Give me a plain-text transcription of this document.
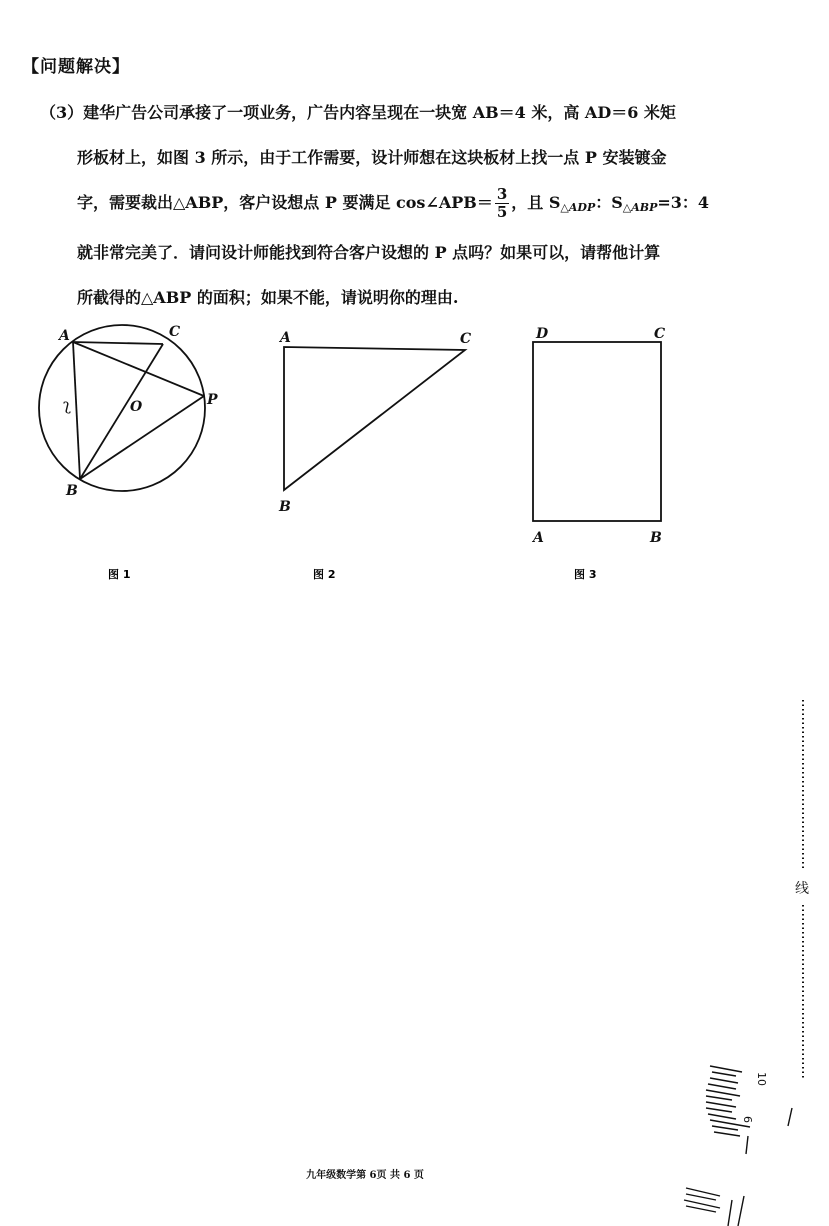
【问题解决】

（3）建华广告公司承接了一项业务，广告内容呈现在一块宽 AB＝4 米，高 AD＝6 米矩

形板材上，如图 3 所示，由于工作需要，设计师想在这块板材上找一点 P 安装镀金

字，需要裁出△ABP，客户设想点 P 要满足 cos∠APB＝ $\frac{3}{5}$ ，且 $S_{\triangle ADP}$：$S_{\triangle ABP}=3$：4

就非常完美了．请问设计师能找到符合客户设想的 P 点吗？如果可以，请帮他计算

所截得的△ABP 的面积；如果不能，请说明你的理由.

A	C
P
O
B
ʅ
图 1
A	C
B
图 2
D	C
A	B
图 3
线
10
6
九年级数学第 6页 共 6 页
